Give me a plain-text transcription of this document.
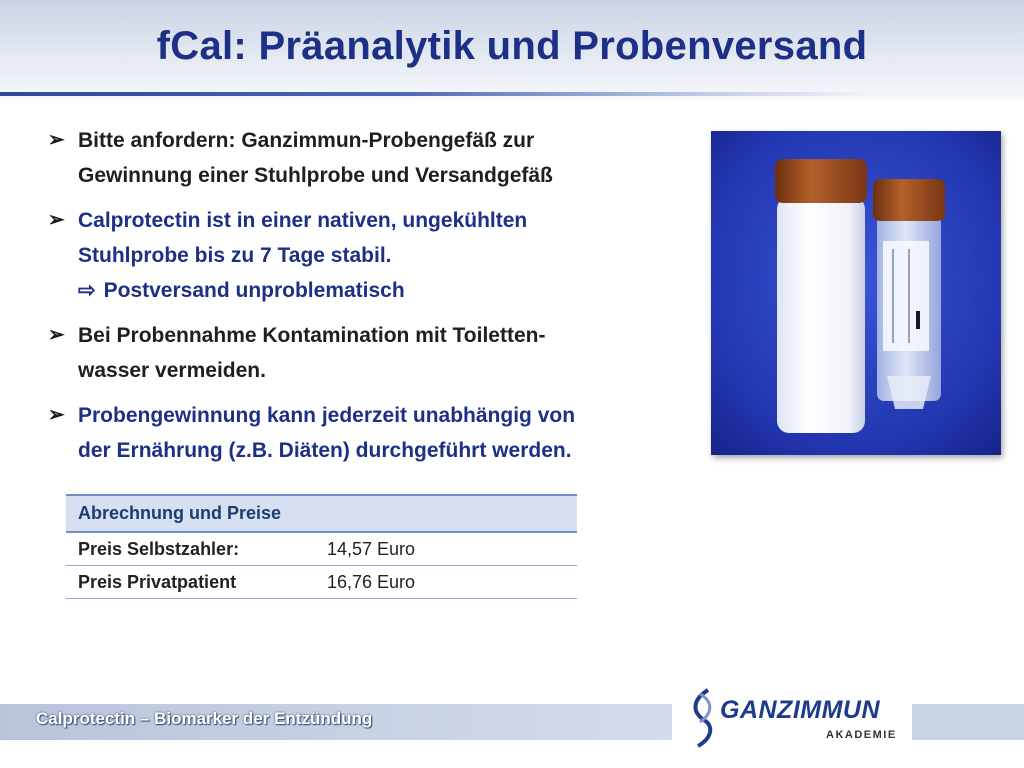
fCal: Präanalytik und Probenversand
➢ Bitte anfordern: Ganzimmun-Probengefäß zur
Gewinnung einer Stuhlprobe und Versandgefäß
➢ Calprotectin ist in einer nativen, ungekühlten
Stuhlprobe bis zu 7 Tage stabil.
⇨ Postversand unproblematisch
➢ Bei Probennahme Kontamination mit Toiletten-
wasser vermeiden.
➢ Probengewinnung kann jederzeit unabhängig von
der Ernährung (z.B. Diäten) durchgeführt werden.
Abrechnung und Preise	
Preis Selbstzahler:	14,57 Euro
Preis Privatpatient	16,76 Euro
Calprotectin – Biomarker der Entzündung	GANZIMMUN
AKADEMIE
